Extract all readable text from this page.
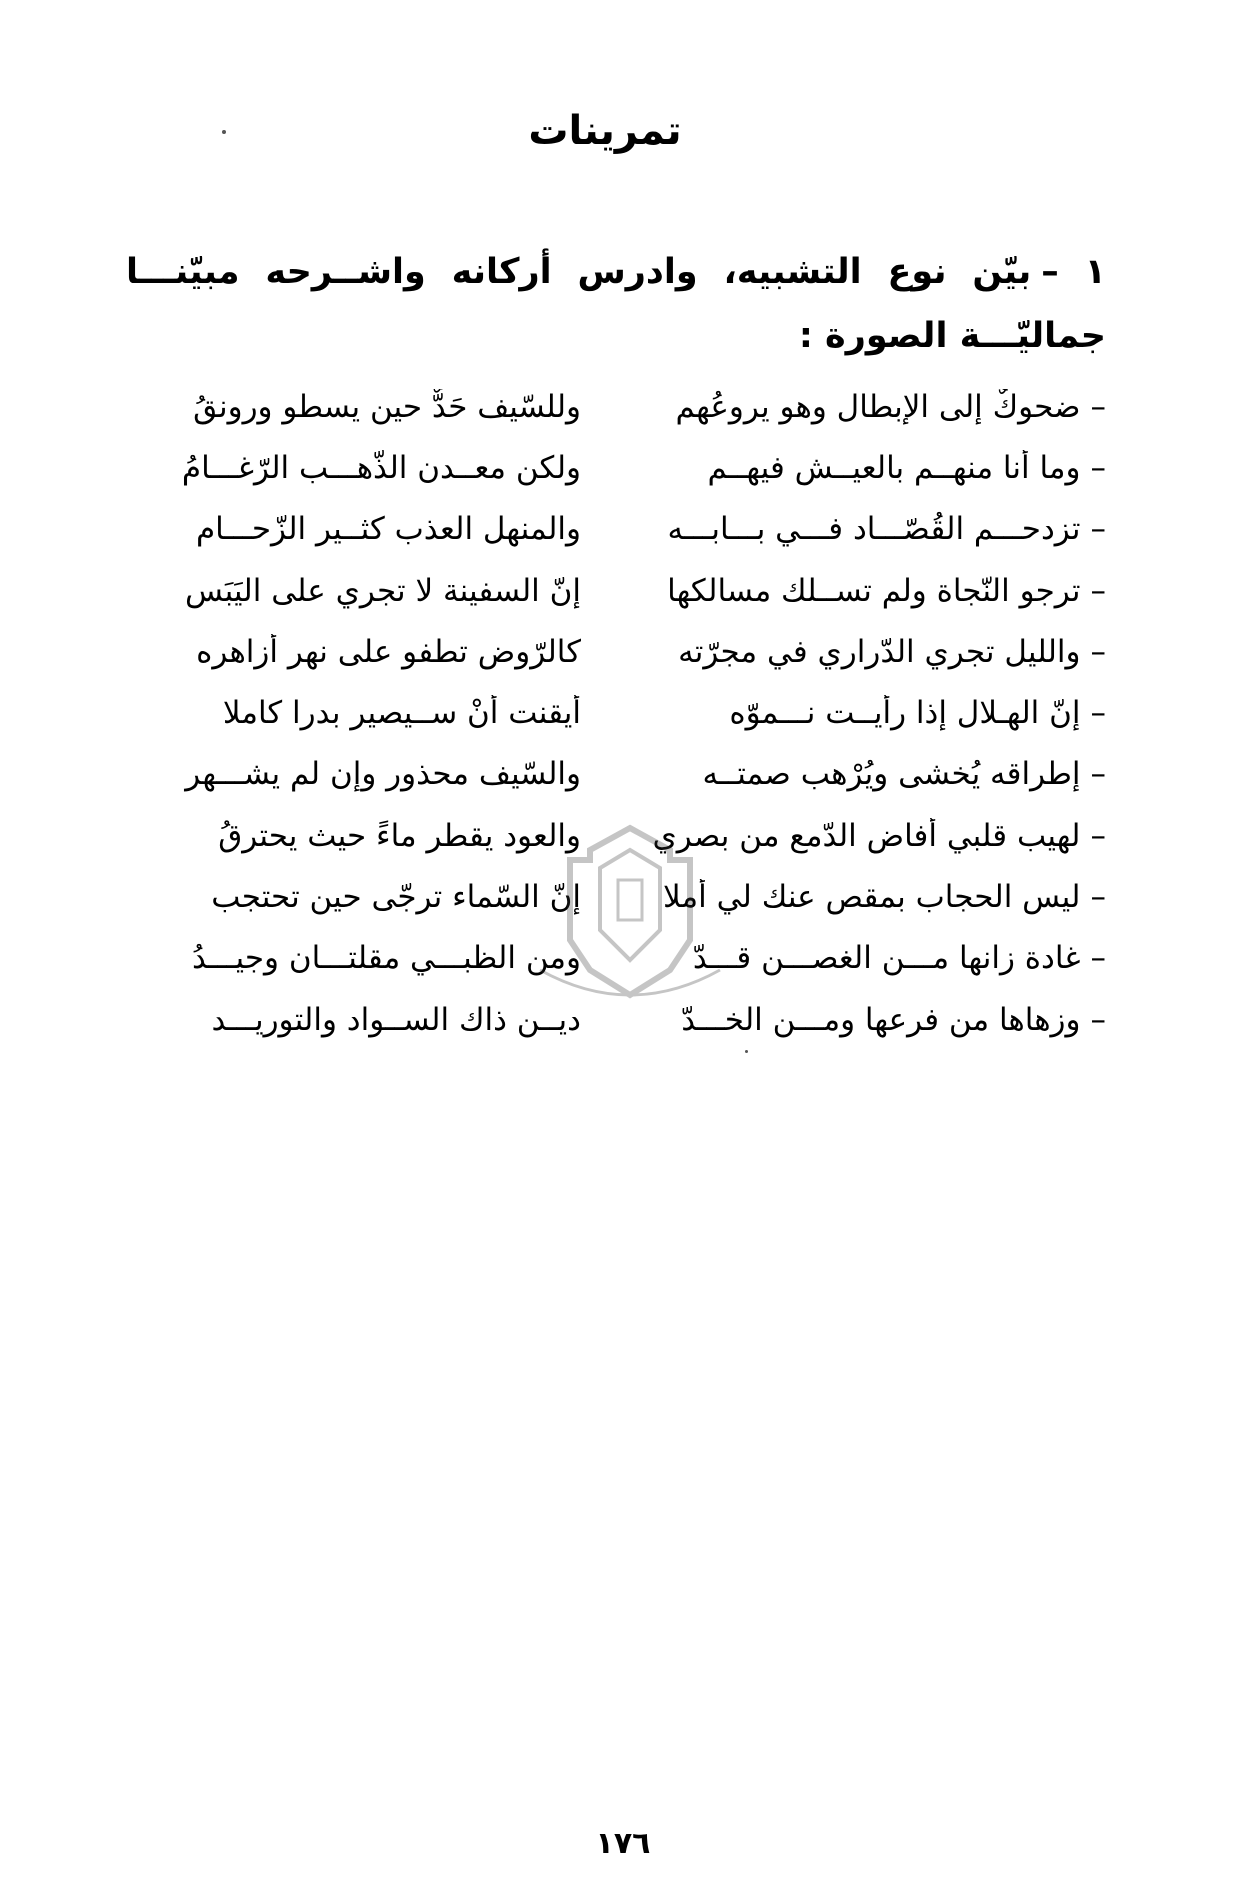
تمرينات
١ –بيّن نوع التشبيه، وادرس أركانه واشــرحه مبيّنـــا جماليّـــة الصورة :
–ضحوكٌ إلى الإبطال وهو يروعُهم
وللسّيف حَدٌّ حين يسطو ورونقُ
–وما أنا منهــم بالعيــش فيهــم
ولكن معــدن الذّهـــب الرّغـــامُ
–تزدحـــم القُصّـــاد فـــي بـــابـــه
والمنهل العذب كثــير الزّحـــام
–ترجو النّجاة ولم تســلك مسالكها
إنّ السفينة لا تجري على اليَبَسِ
–والليل تجري الدّراري في مجرّته
كالرّوض تطفو على نهر أزاهره
–إنّ الهـلال إذا رأيــت نـــموّه
أيقنت أنْ ســيصير بدرا كاملا
–إطراقه يُخشى ويُرْهب صمتــه
والسّيف محذور وإن لم يشـــهرِ
–لهيب قلبي أفاض الدّمع من بصري
والعود يقطر ماءً حيث يحترقُ
–ليس الحجاب بمقصٍ عنك لي أملا
إنّ السّماء ترجّى حين تحتجب
–غادة زانها مـــن الغصـــن قـــدّ
ومن الظبـــي مقلتـــان وجيـــدُ
–وزهاها من فرعها ومـــن الخـــدّ
ديــن ذاك الســواد والتوريـــد
١٧٦
